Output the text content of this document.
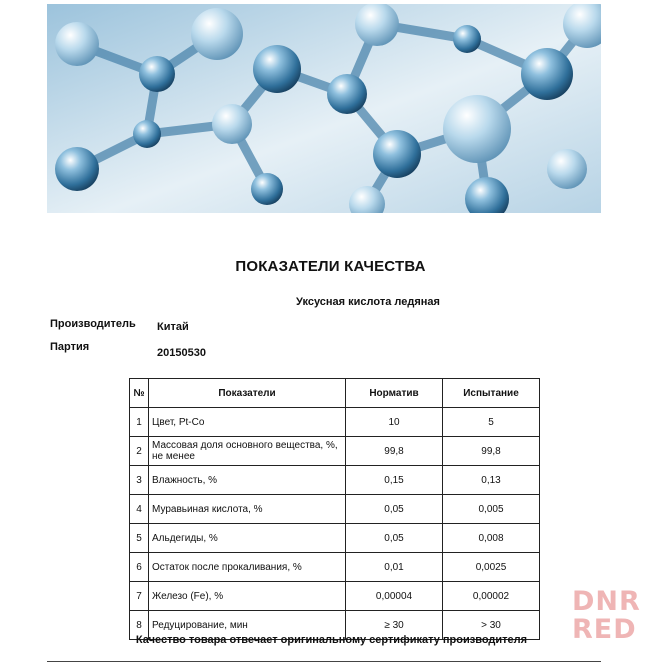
ПОКАЗАТЕЛИ КАЧЕСТВА
Уксусная кислота ледяная
Производитель Китай
Партия	20150530
№	Показатели	Норматив	Испытание
1	Цвет, Pt-Co	10	5
2	Массовая доля основного вещества, %, не менее	99,8	99,8
3	Влажность, %	0,15	0,13
4	Муравьиная кислота, %	0,05	0,005
5	Альдегиды, %	0,05	0,008
6	Остаток после прокаливания, %	0,01	0,0025
7	Железо (Fe), %	0,00004	0,00002
8	Редуцирование, мин	≥ 30	> 30
Качество товара отвечает оригинальному сертификату производителя
DNR
RED
